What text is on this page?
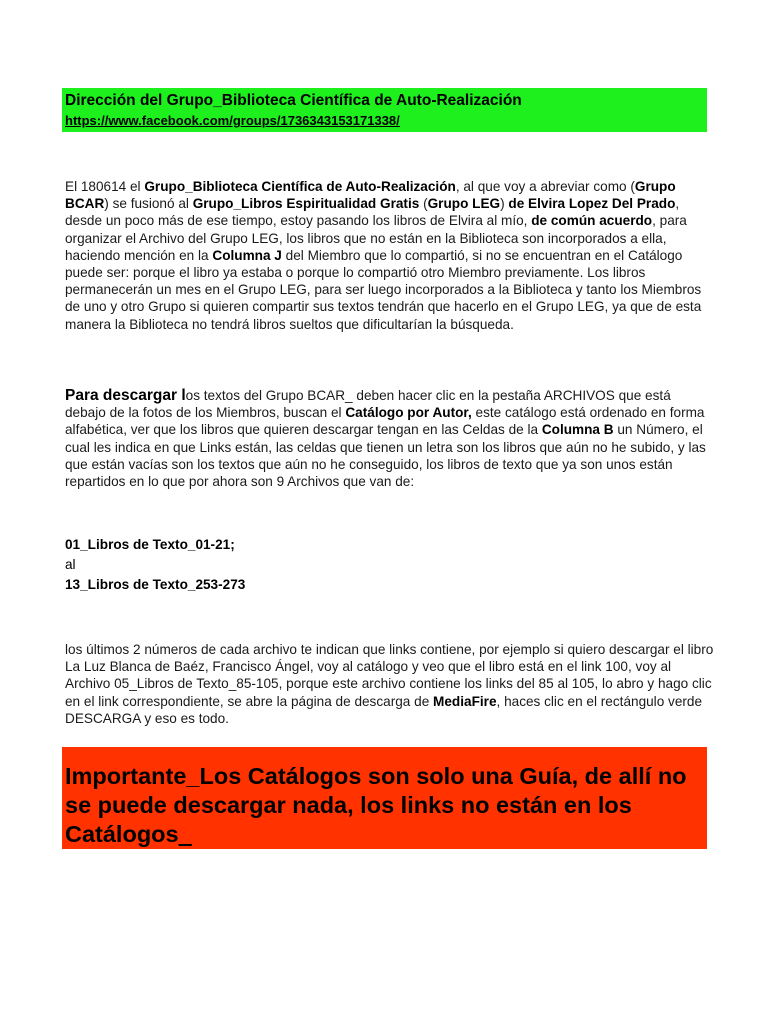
Dirección del Grupo_Biblioteca Científica de Auto-Realización
https://www.facebook.com/groups/1736343153171338/
El 180614 el Grupo_Biblioteca Científica de Auto-Realización, al que voy a abreviar como (Grupo BCAR) se fusionó al Grupo_Libros Espiritualidad Gratis (Grupo LEG) de Elvira Lopez Del Prado, desde un poco más de ese tiempo, estoy pasando los libros de Elvira al mío, de común acuerdo, para organizar el Archivo del Grupo LEG, los libros que no están en la Biblioteca son incorporados a ella, haciendo mención en la Columna J del Miembro que lo compartió, si no se encuentran en el Catálogo puede ser: porque el libro ya estaba o porque lo compartió otro Miembro previamente. Los libros permanecerán un mes en el Grupo LEG, para ser luego incorporados a la Biblioteca y tanto los Miembros de uno y otro Grupo si quieren compartir sus textos tendrán que hacerlo en el Grupo LEG, ya que de esta manera la Biblioteca no tendrá libros sueltos que dificultarían la búsqueda.
Para descargar los textos del Grupo BCAR_ deben hacer clic en la pestaña ARCHIVOS que está debajo de la fotos de los Miembros, buscan el Catálogo por Autor, este catálogo está ordenado en forma alfabética, ver que los libros que quieren descargar tengan en las Celdas de la Columna B un Número, el cual les indica en que Links están, las celdas que tienen un letra son los libros que aún no he subido, y las que están vacías son los textos que aún no he conseguido, los libros de texto que ya son unos están repartidos en lo que por ahora son 9 Archivos que van de:
01_Libros de Texto_01-21;
al
13_Libros de Texto_253-273
los últimos 2 números de cada archivo te indican que links contiene, por ejemplo si quiero descargar el libro La Luz Blanca de Baéz, Francisco Ángel, voy al catálogo y veo que el libro está en el link 100, voy al Archivo 05_Libros de Texto_85-105, porque este archivo contiene los links del 85 al 105, lo abro y hago clic en el link correspondiente, se abre la página de descarga de MediaFire, haces clic en el rectángulo verde DESCARGA y eso es todo.
Importante_Los Catálogos son solo una Guía, de allí no se puede descargar nada, los links no están en los Catálogos_
